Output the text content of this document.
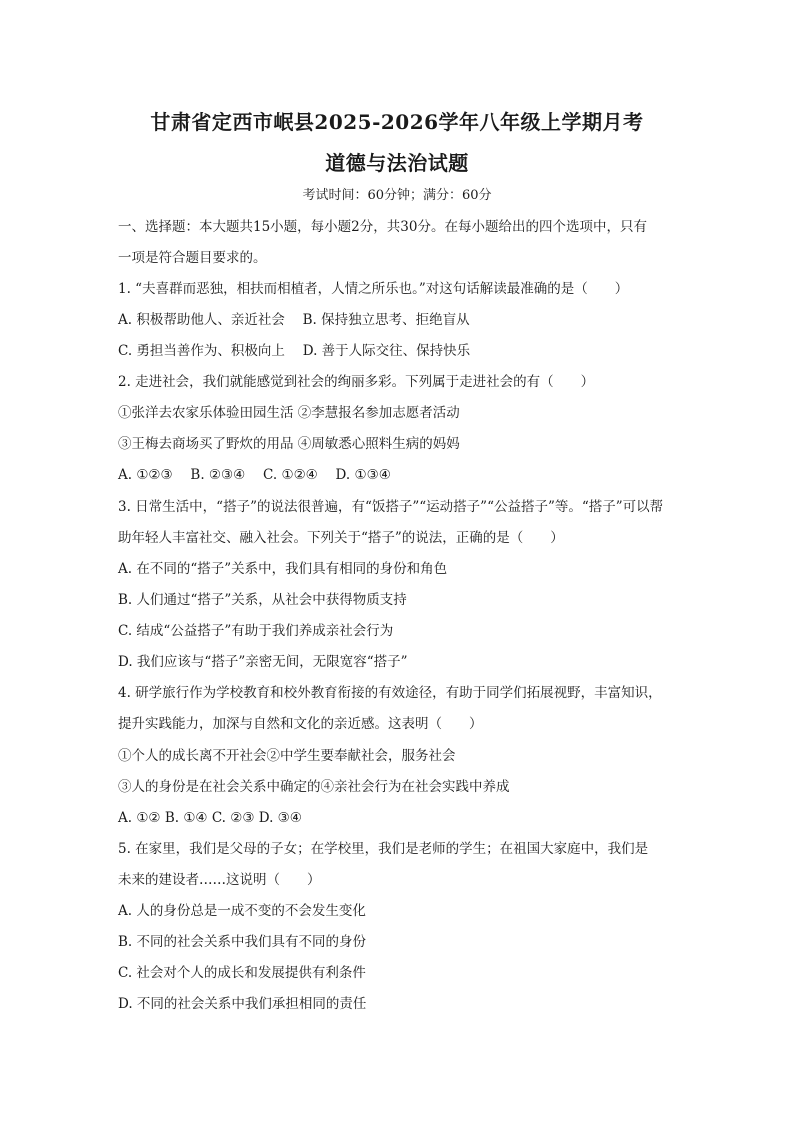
甘肃省定西市岷县2025-2026学年八年级上学期月考
道德与法治试题
考试时间：60分钟；满分：60分
一、选择题：本大题共15小题，每小题2分，共30分。在每小题给出的四个选项中，只有
一项是符合题目要求的。
1. “夫喜群而恶独，相扶而相植者，人情之所乐也。”对这句话解读最准确的是（　　）
A. 积极帮助他人、亲近社会　 B. 保持独立思考、拒绝盲从
C. 勇担当善作为、积极向上　 D. 善于人际交往、保持快乐
2. 走进社会，我们就能感觉到社会的绚丽多彩。下列属于走进社会的有（　　）
①张洋去农家乐体验田园生活 ②李慧报名参加志愿者活动
③王梅去商场买了野炊的用品 ④周敏悉心照料生病的妈妈
A. ①②③　 B. ②③④　 C. ①②④　 D. ①③④
3. 日常生活中，“搭子”的说法很普遍，有“饭搭子”“运动搭子”“公益搭子”等。“搭子”可以帮
助年轻人丰富社交、融入社会。下列关于“搭子”的说法，正确的是（　　）
A. 在不同的“搭子”关系中，我们具有相同的身份和角色
B. 人们通过“搭子”关系，从社会中获得物质支持
C. 结成“公益搭子”有助于我们养成亲社会行为
D. 我们应该与“搭子”亲密无间，无限宽容“搭子”
4. 研学旅行作为学校教育和校外教育衔接的有效途径，有助于同学们拓展视野，丰富知识，
提升实践能力，加深与自然和文化的亲近感。这表明（　　）
①个人的成长离不开社会②中学生要奉献社会，服务社会
③人的身份是在社会关系中确定的④亲社会行为在社会实践中养成
A. ①② B. ①④ C. ②③ D. ③④
5. 在家里，我们是父母的子女；在学校里，我们是老师的学生；在祖国大家庭中，我们是
未来的建设者……这说明（　　）
A. 人的身份总是一成不变的不会发生变化
B. 不同的社会关系中我们具有不同的身份
C. 社会对个人的成长和发展提供有利条件
D. 不同的社会关系中我们承担相同的责任
